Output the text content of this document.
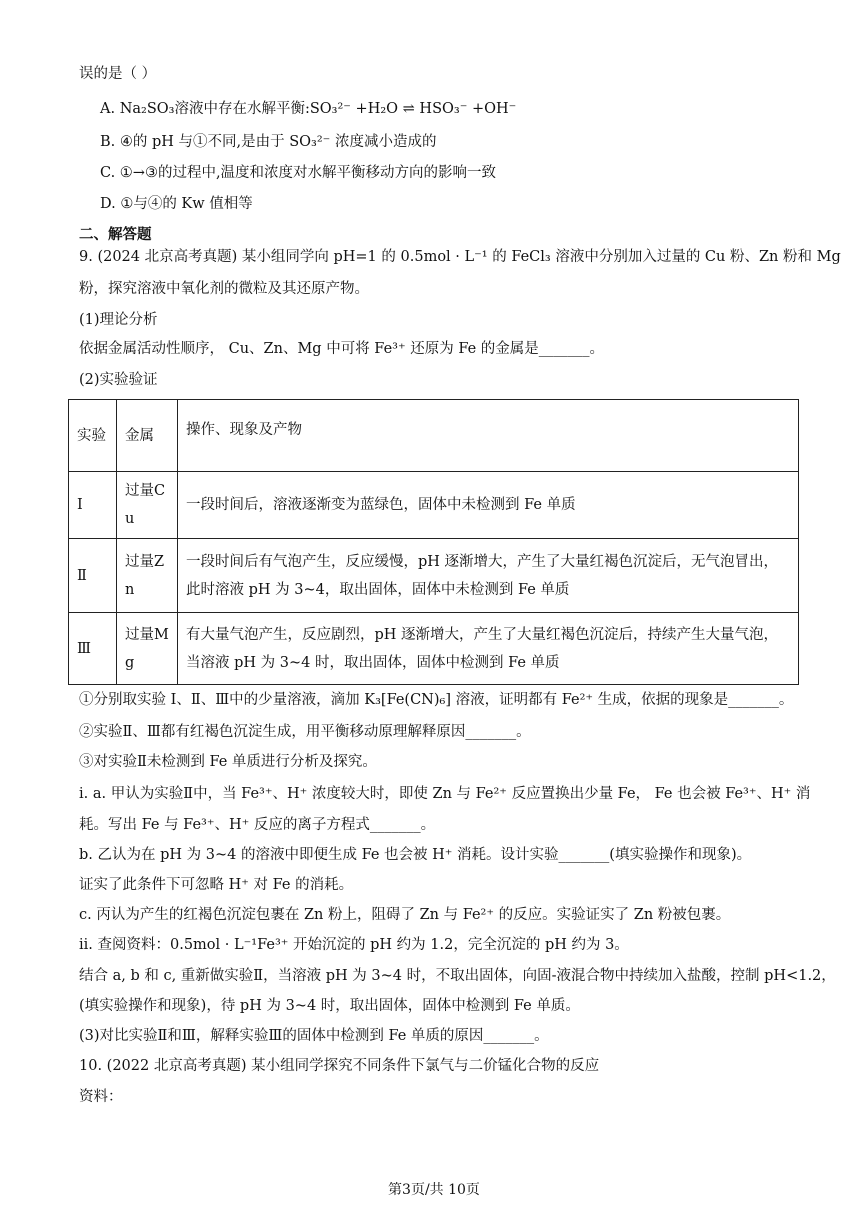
误的是（ ）
A. Na₂SO₃溶液中存在水解平衡:SO₃²⁻ +H₂O ⇌ HSO₃⁻ +OH⁻
B. ④的 pH 与①不同,是由于 SO₃²⁻ 浓度减小造成的
C. ①→③的过程中,温度和浓度对水解平衡移动方向的影响一致
D. ①与④的 Kw 值相等
二、解答题
9. (2024 北京高考真题) 某小组同学向 pH=1 的 0.5mol · L⁻¹ 的 FeCl₃ 溶液中分别加入过量的 Cu 粉、Zn 粉和 Mg
粉，探究溶液中氧化剂的微粒及其还原产物。
(1)理论分析
依据金属活动性顺序， Cu、Zn、Mg 中可将 Fe³⁺ 还原为 Fe 的金属是_______。
(2)实验验证
实验	金属	操作、现象及产物
I	过量Cu	一段时间后，溶液逐渐变为蓝绿色，固体中未检测到 Fe 单质

Ⅱ	过量Zn	一段时间后有气泡产生，反应缓慢，pH 逐渐增大，产生了大量红褐色沉淀后，无气泡冒出，
此时溶液 pH 为 3~4，取出固体，固体中未检测到 Fe 单质

Ⅲ	过量Mg	有大量气泡产生，反应剧烈，pH 逐渐增大，产生了大量红褐色沉淀后，持续产生大量气泡，
当溶液 pH 为 3~4 时，取出固体，固体中检测到 Fe 单质
①分别取实验 I、Ⅱ、Ⅲ中的少量溶液，滴加 K₃[Fe(CN)₆] 溶液，证明都有 Fe²⁺ 生成，依据的现象是_______。
②实验Ⅱ、Ⅲ都有红褐色沉淀生成，用平衡移动原理解释原因_______。
③对实验Ⅱ未检测到 Fe 单质进行分析及探究。
i. a. 甲认为实验Ⅱ中，当 Fe³⁺、H⁺ 浓度较大时，即使 Zn 与 Fe²⁺ 反应置换出少量 Fe， Fe 也会被 Fe³⁺、H⁺ 消
耗。写出 Fe 与 Fe³⁺、H⁺ 反应的离子方程式_______。
b. 乙认为在 pH 为 3~4 的溶液中即便生成 Fe 也会被 H⁺ 消耗。设计实验_______(填实验操作和现象)。
证实了此条件下可忽略 H⁺ 对 Fe 的消耗。
c. 丙认为产生的红褐色沉淀包裹在 Zn 粉上，阻碍了 Zn 与 Fe²⁺ 的反应。实验证实了 Zn 粉被包裹。
ii. 查阅资料：0.5mol · L⁻¹Fe³⁺ 开始沉淀的 pH 约为 1.2，完全沉淀的 pH 约为 3。
结合 a, b 和 c, 重新做实验Ⅱ，当溶液 pH 为 3~4 时，不取出固体，向固-液混合物中持续加入盐酸，控制 pH<1.2，
(填实验操作和现象)，待 pH 为 3~4 时，取出固体，固体中检测到 Fe 单质。
(3)对比实验Ⅱ和Ⅲ，解释实验Ⅲ的固体中检测到 Fe 单质的原因_______。
10. (2022 北京高考真题) 某小组同学探究不同条件下氯气与二价锰化合物的反应
资料：
第3页/共 10页
